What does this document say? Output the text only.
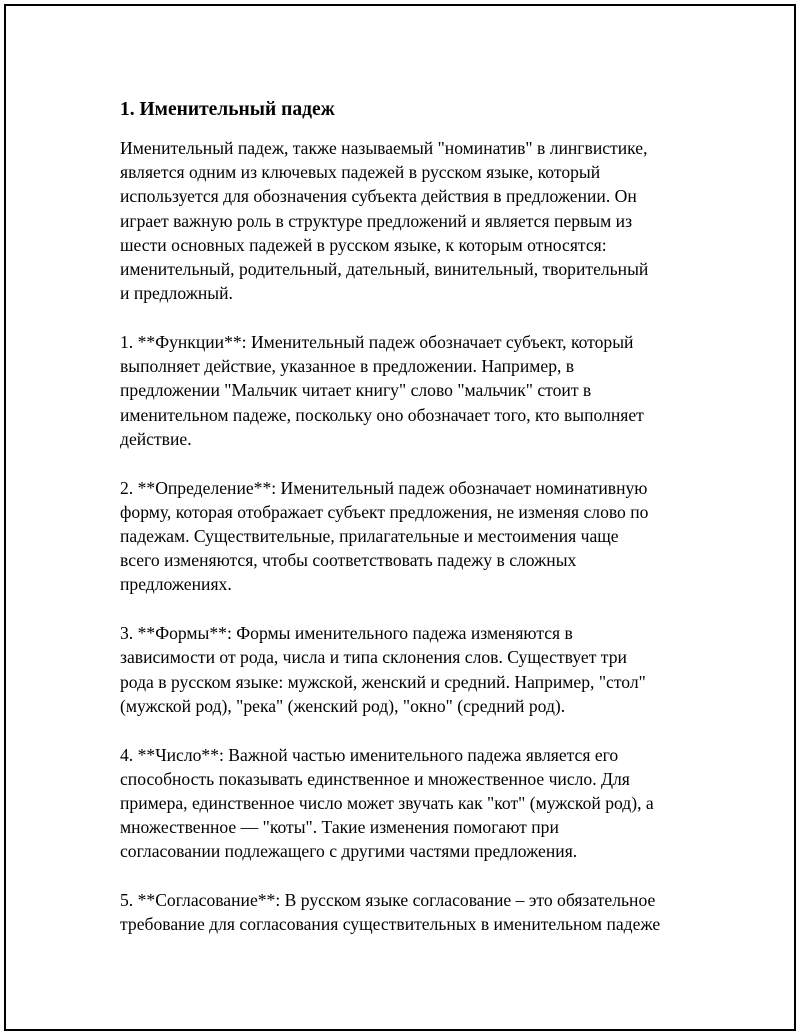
1. Именительный падеж

Именительный падеж, также называемый "номинатив" в лингвистике,
является одним из ключевых падежей в русском языке, который
используется для обозначения субъекта действия в предложении. Он
играет важную роль в структуре предложений и является первым из
шести основных падежей в русском языке, к которым относятся:
именительный, родительный, дательный, винительный, творительный
и предложный.

1. **Функции**: Именительный падеж обозначает субъект, который
выполняет действие, указанное в предложении. Например, в
предложении "Мальчик читает книгу" слово "мальчик" стоит в
именительном падеже, поскольку оно обозначает того, кто выполняет
действие.

2. **Определение**: Именительный падеж обозначает номинативную
форму, которая отображает субъект предложения, не изменяя слово по
падежам. Существительные, прилагательные и местоимения чаще
всего изменяются, чтобы соответствовать падежу в сложных
предложениях.

3. **Формы**: Формы именительного падежа изменяются в
зависимости от рода, числа и типа склонения слов. Существует три
рода в русском языке: мужской, женский и средний. Например, "стол"
(мужской род), "река" (женский род), "окно" (средний род).

4. **Число**: Важной частью именительного падежа является его
способность показывать единственное и множественное число. Для
примера, единственное число может звучать как "кот" (мужской род), а
множественное — "коты". Такие изменения помогают при
согласовании подлежащего с другими частями предложения.

5. **Согласование**: В русском языке согласование – это обязательное
требование для согласования существительных в именительном падеже
